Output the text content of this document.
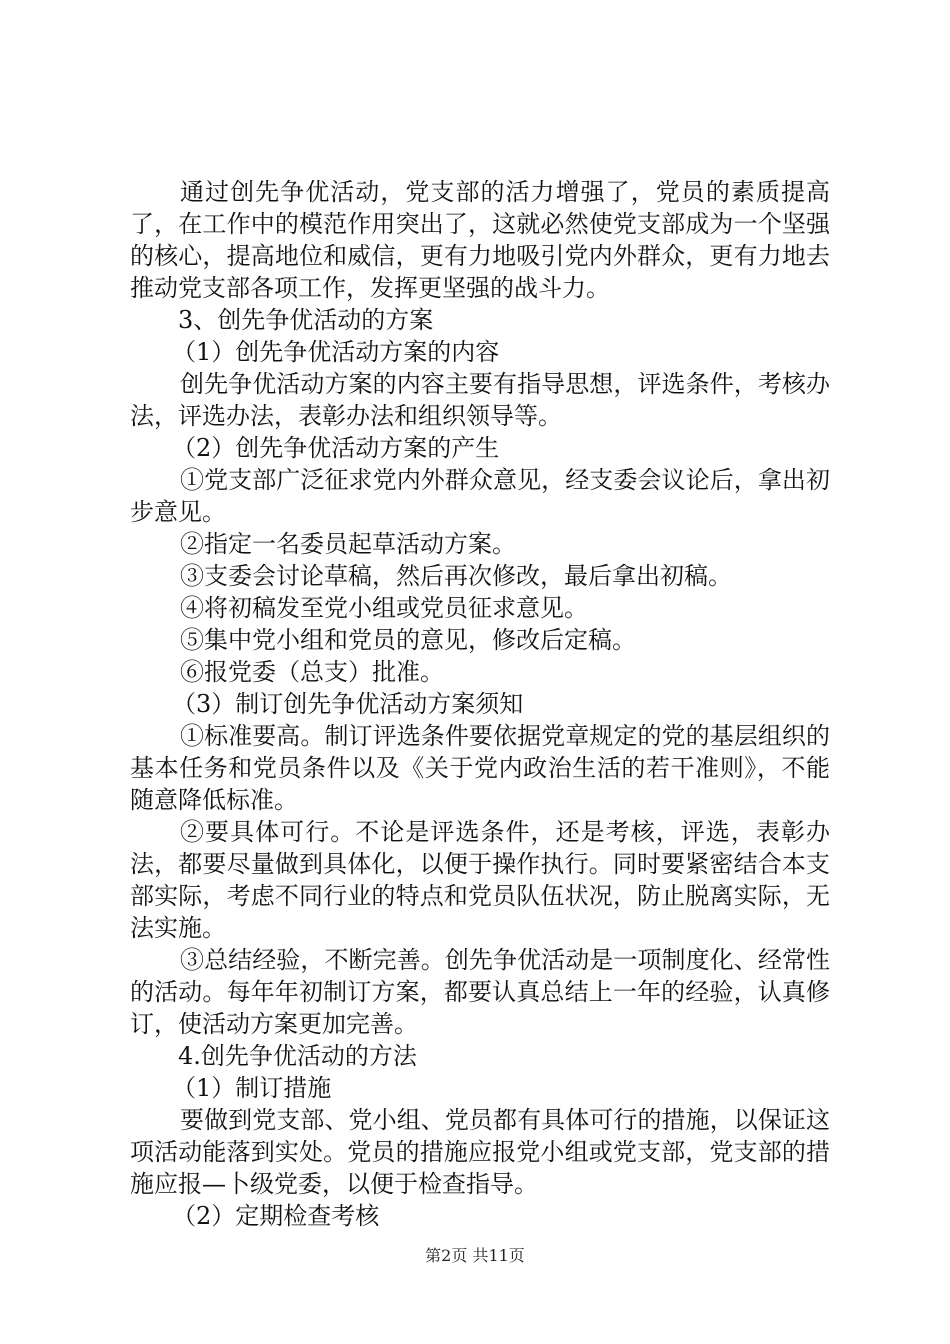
通过创先争优活动，党支部的活力增强了，党员的素质提高了，在工作中的模范作用突出了，这就必然使党支部成为一个坚强的核心，提高地位和威信，更有力地吸引党内外群众，更有力地去推动党支部各项工作，发挥更坚强的战斗力。

3、创先争优活动的方案

（1）创先争优活动方案的内容

创先争优活动方案的内容主要有指导思想，评选条件，考核办法，评选办法，表彰办法和组织领导等。

（2）创先争优活动方案的产生

①党支部广泛征求党内外群众意见，经支委会议论后，拿出初步意见。

②指定一名委员起草活动方案。

③支委会讨论草稿，然后再次修改，最后拿出初稿。

④将初稿发至党小组或党员征求意见。

⑤集中党小组和党员的意见，修改后定稿。

⑥报党委（总支）批准。

（3）制订创先争优活动方案须知

①标准要高。制订评选条件要依据党章规定的党的基层组织的基本任务和党员条件以及《关于党内政治生活的若干准则》，不能随意降低标准。

②要具体可行。不论是评选条件，还是考核，评选，表彰办法，都要尽量做到具体化，以便于操作执行。同时要紧密结合本支部实际，考虑不同行业的特点和党员队伍状况，防止脱离实际，无法实施。

③总结经验，不断完善。创先争优活动是一项制度化、经常性的活动。每年年初制订方案，都要认真总结上一年的经验，认真修订，使活动方案更加完善。

4.创先争优活动的方法

（1）制订措施

要做到党支部、党小组、党员都有具体可行的措施，以保证这项活动能落到实处。党员的措施应报党小组或党支部，党支部的措施应报—卜级党委，以便于检查指导。

（2）定期检查考核

第2页 共11页
